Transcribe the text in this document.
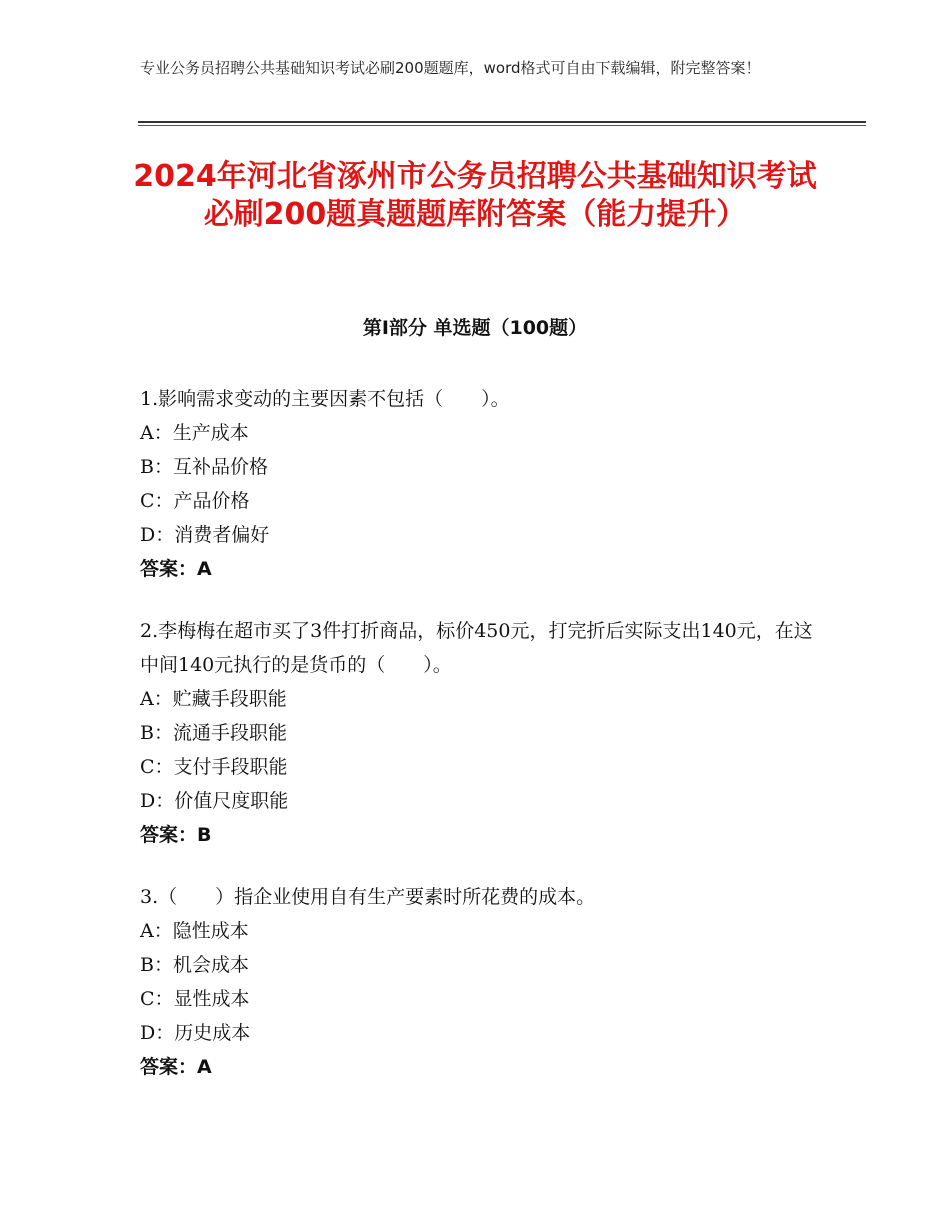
专业公务员招聘公共基础知识考试必刷200题题库，word格式可自由下载编辑，附完整答案！
2024年河北省涿州市公务员招聘公共基础知识考试必刷200题真题题库附答案（能力提升）
第Ⅰ部分 单选题（100题）

1.影响需求变动的主要因素不包括（　　）。

A：生产成本

B：互补品价格

C：产品价格

D：消费者偏好

答案：A

2.李梅梅在超市买了3件打折商品，标价450元，打完折后实际支出140元，在这中间140元执行的是货币的（　　）。

A：贮藏手段职能

B：流通手段职能

C：支付手段职能

D：价值尺度职能

答案：B

3.（　　）指企业使用自有生产要素时所花费的成本。

A：隐性成本

B：机会成本

C：显性成本

D：历史成本

答案：A
